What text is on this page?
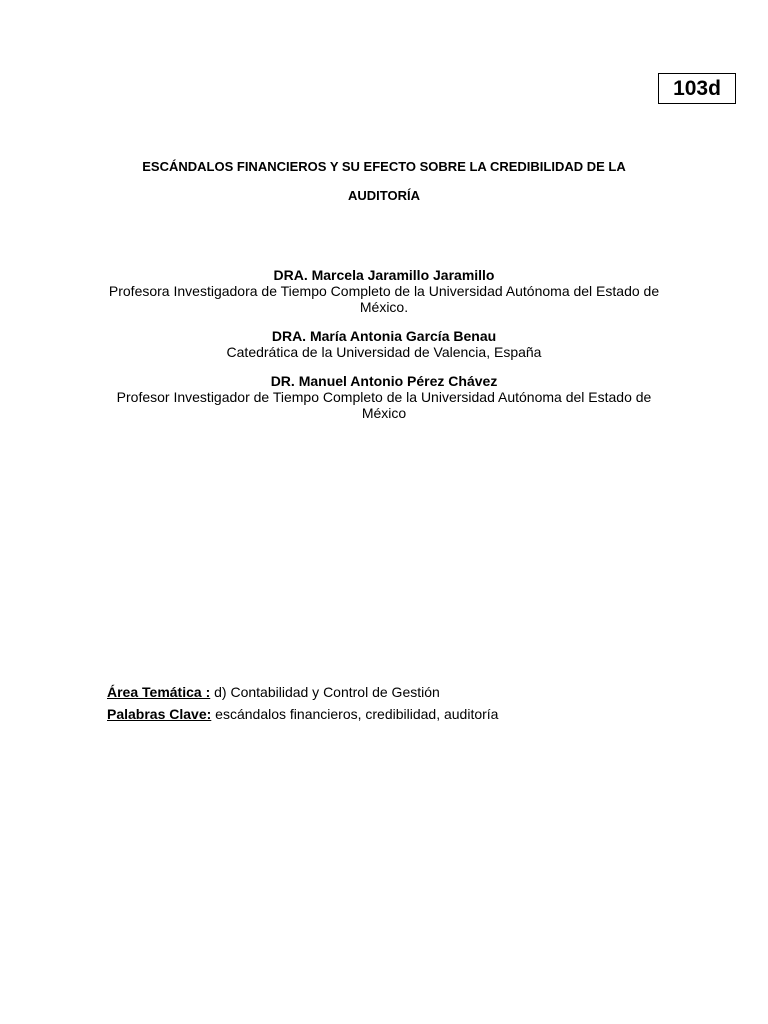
103d
ESCÁNDALOS FINANCIEROS Y SU EFECTO SOBRE LA CREDIBILIDAD DE LA
AUDITORÍA
DRA. Marcela Jaramillo Jaramillo
Profesora Investigadora de Tiempo Completo de la Universidad Autónoma del Estado de
México.
DRA. María Antonia García Benau
Catedrática de la Universidad de Valencia, España
DR. Manuel Antonio Pérez Chávez
Profesor Investigador de Tiempo Completo de la Universidad Autónoma del Estado de
México
Área Temática : d) Contabilidad y Control de Gestión
Palabras Clave: escándalos financieros, credibilidad, auditoría
